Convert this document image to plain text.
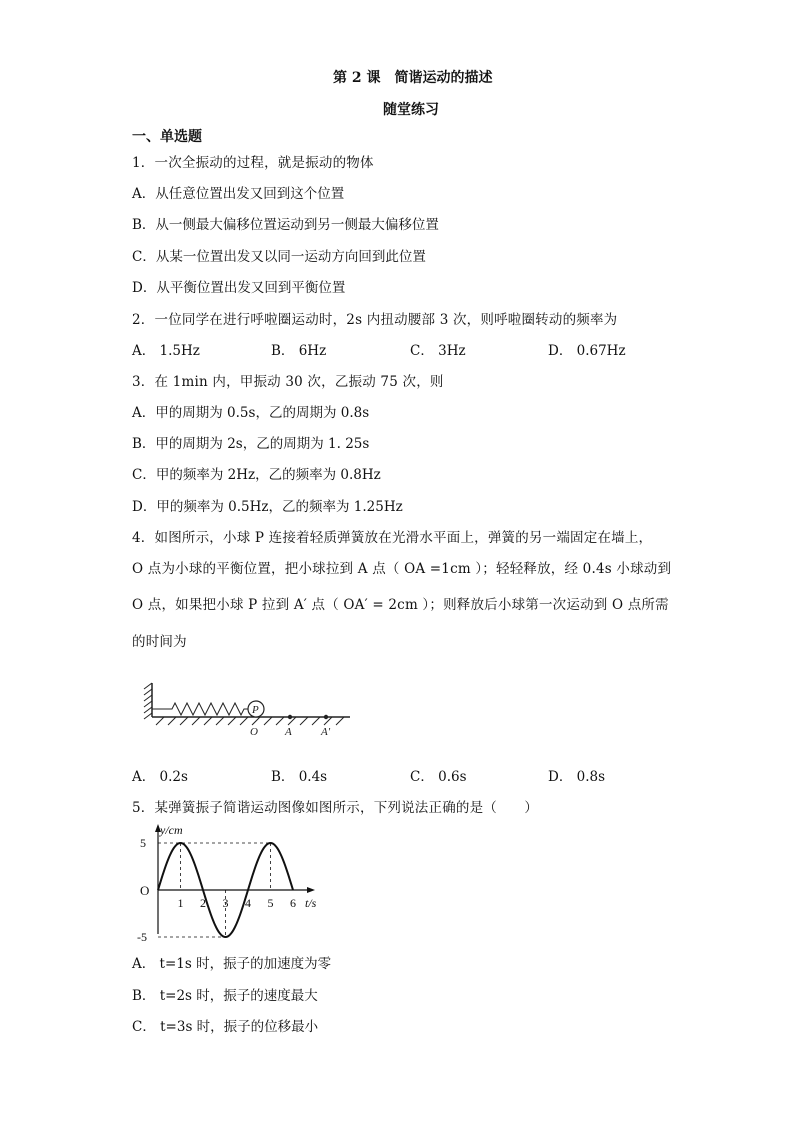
第 2 课　简谐运动的描述
随堂练习
一、单选题
1．一次全振动的过程，就是振动的物体
A．从任意位置出发又回到这个位置
B．从一侧最大偏移位置运动到另一侧最大偏移位置
C．从某一位置出发又以同一运动方向回到此位置
D．从平衡位置出发又回到平衡位置
2．一位同学在进行呼啦圈运动时，2s 内扭动腰部 3 次，则呼啦圈转动的频率为
A． 1.5Hz	B． 6Hz	C． 3Hz	D． 0.67Hz
3．在 1min 内，甲振动 30 次，乙振动 75 次，则
A．甲的周期为 0.5s，乙的周期为 0.8s
B．甲的周期为 2s，乙的周期为 1. 25s
C．甲的频率为 2Hz，乙的频率为 0.8Hz
D．甲的频率为 0.5Hz，乙的频率为 1.25Hz
4．如图所示，小球 P 连接着轻质弹簧放在光滑水平面上，弹簧的另一端固定在墙上，
O 点为小球的平衡位置，把小球拉到 A 点（ OA =1cm ）；轻轻释放，经 0.4s 小球动到
O 点，如果把小球 P 拉到 A′ 点（ OA′ = 2cm ）；则释放后小球第一次运动到 O 点所需
的时间为
P
O A	A′
A． 0.2s	B． 0.4s	C． 0.6s	D． 0.8s
5．某弹簧振子简谐运动图像如图所示，下列说法正确的是（　　）
y/cm
t/s
O
1 2 3 4 5 6
5
-5
A． t=1s 时，振子的加速度为零
B． t=2s 时，振子的速度最大
C． t=3s 时，振子的位移最小
